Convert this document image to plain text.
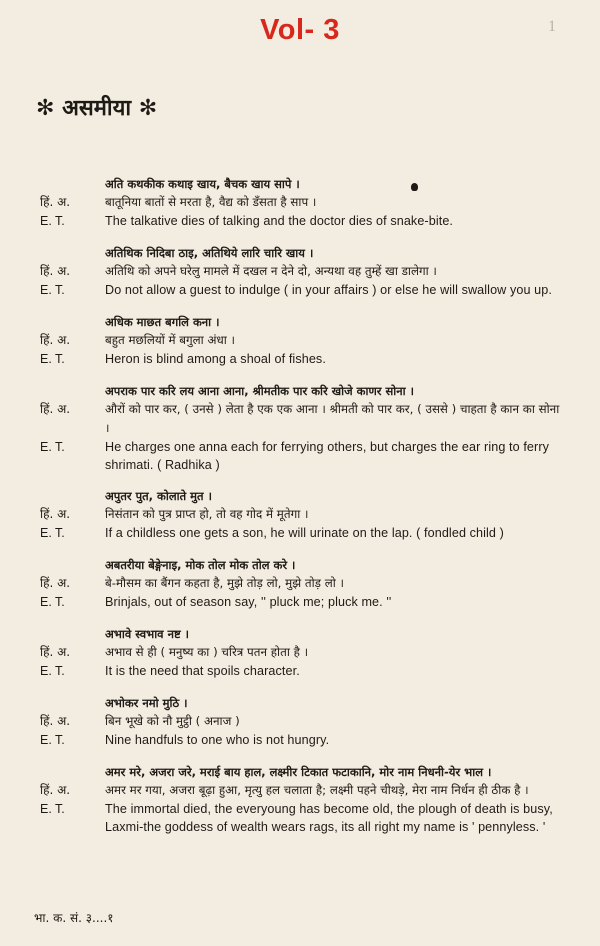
Vol- 3	1
✻ असमीया ✻
अति कथकीक कथाइ खाय, बैचक खाय सापे ।
हिं. अ.	बातूनिया बातों से मरता है, वैद्य को डँसता है साप ।
E. T.	The talkative dies of talking and the doctor dies of snake-bite.
अतिथिक निदिबा ठाइ, अतिथिये लारि चारि खाय ।
हिं. अ.	अतिथि को अपने घरेलु मामले में दखल न देने दो, अन्यथा वह तुम्हें खा डालेगा ।
E. T.	Do not allow a guest to indulge ( in your affairs ) or else he will swallow you up.
अधिक माछत बगलि कना ।
हिं. अ.	बहुत मछलियों में बगुला अंधा ।
E. T.	Heron is blind among a shoal of fishes.
अपराक पार करि लय आना आना, श्रीमतीक पार करि खोजे काणर सोना ।
हिं. अ.	औरों को पार कर, ( उनसे ) लेता है एक एक आना । श्रीमती को पार कर, ( उससे ) चाहता है कान का सोना ।
E. T.	He charges one anna each for ferrying others, but charges the ear ring to ferry shrimati. ( Radhika )
अपुतर पुत, कोलाते मुत ।
हिं. अ.	निसंतान को पुत्र प्राप्त हो, तो वह गोद में मूतेगा ।
E. T.	If a childless one gets a son, he will urinate on the lap. ( fondled child )
अबतरीया बेङ्गेनाइ, मोक तोल मोक तोल करे ।
हिं. अ.	बे-मौसम का बैंगन कहता है, मुझे तोड़ लो, मुझे तोड़ लो ।
E. T.	Brinjals, out of season say, '' pluck me; pluck me. ''
अभावे स्वभाव नष्ट ।
हिं. अ.	अभाव से ही ( मनुष्य का ) चरित्र पतन होता है ।
E. T.	It is the need that spoils character.
अभोकर नमो मुठि ।
हिं. अ.	बिन भूखे को नौ मुट्ठी ( अनाज )
E. T.	Nine handfuls to one who is not hungry.
अमर मरे, अजरा जरे, मराई बाय हाल, लक्ष्मीर टिकात फटाकानि, मोर नाम निधनी-येर भाल ।
हिं. अ.	अमर मर गया, अजरा बूढ़ा हुआ, मृत्यु हल चलाता है; लक्ष्मी पहने चीथड़े, मेरा नाम निर्धन ही ठीक है ।
E. T.	The immortal died, the everyoung has become old, the plough of death is busy, Laxmi-the goddess of wealth wears rags, its all right my name is ' pennyless. '
भा. क. सं. ३....१
